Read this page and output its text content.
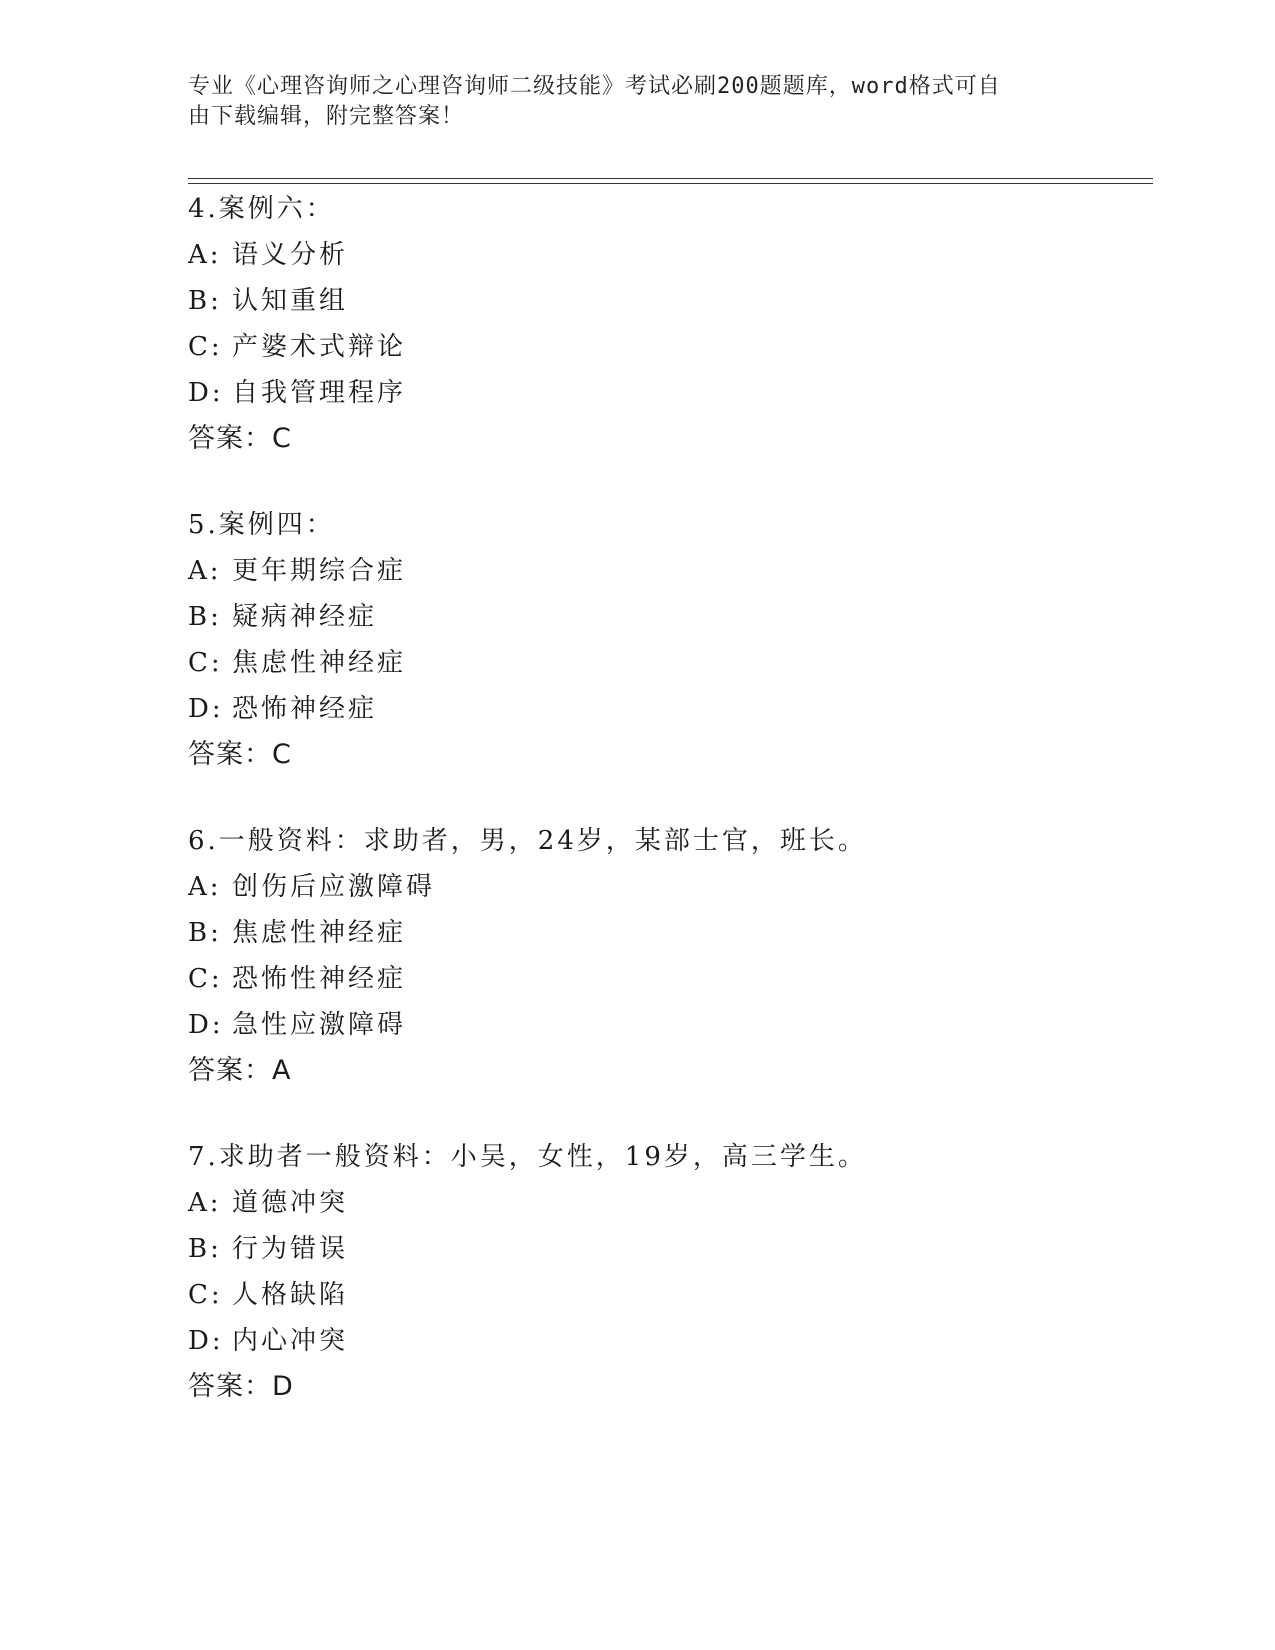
专业《心理咨询师之心理咨询师二级技能》考试必刷200题题库，word格式可自
由下载编辑，附完整答案！
4.案例六：
A: 语义分析
B: 认知重组
C: 产婆术式辩论
D: 自我管理程序
答案：C
5.案例四：
A: 更年期综合症
B: 疑病神经症
C: 焦虑性神经症
D: 恐怖神经症
答案：C
6.一般资料：求助者，男，24岁，某部士官，班长。
A: 创伤后应激障碍
B: 焦虑性神经症
C: 恐怖性神经症
D: 急性应激障碍
答案：A
7.求助者一般资料：小吴，女性，19岁，高三学生。
A: 道德冲突
B: 行为错误
C: 人格缺陷
D: 内心冲突
答案：D
